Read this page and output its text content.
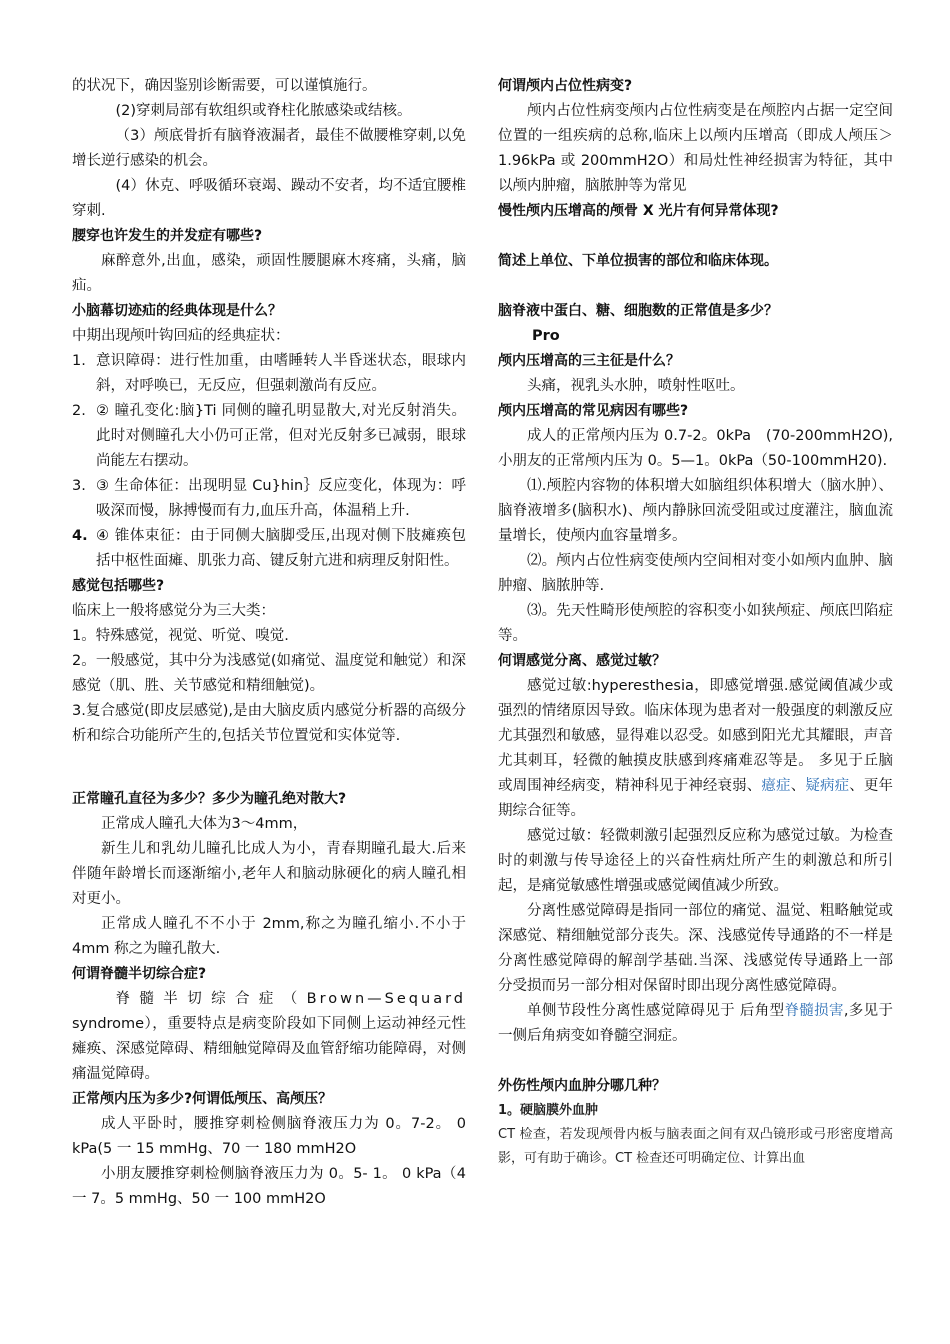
的状况下，确因鉴别诊断需要，可以谨慎施行。

(2)穿刺局部有软组织或脊柱化脓感染或结核。

（3）颅底骨折有脑脊液漏者，最佳不做腰椎穿刺,以免增长逆行感染的机会。

(4）休克、呼吸循环衰竭、躁动不安者，均不适宜腰椎穿刺.

腰穿也许发生的并发症有哪些?

麻醉意外,出血，感染，顽固性腰腿麻木疼痛，头痛，脑疝。

小脑幕切迹疝的经典体现是什么？

中期出现颅叶钩回疝的经典症状：

1. 意识障碍：进行性加重，由嗜睡转人半昏迷状态，眼球内斜，对呼唤已，无反应，但强刺激尚有反应。
2. ② 瞳孔变化:脑}Ti 同侧的瞳孔明显散大,对光反射消失。此时对侧瞳孔大小仍可正常，但对光反射多已减弱，眼球尚能左右摆动。
3. ③ 生命体征：出现明显 Cu}hin｝反应变化，体现为：呼吸深而慢，脉搏慢而有力,血压升高，体温稍上升.
4. ④ 锥体束征：由于同侧大脑脚受压,出现对侧下肢瘫痪包括中枢性面瘫、肌张力高、键反射亢进和病理反射阳性。

感觉包括哪些?

临床上一般将感觉分为三大类：

1。特殊感觉，视觉、听觉、嗅觉.

2。一般感觉，其中分为浅感觉(如痛觉、温度觉和触觉）和深感觉（肌、胜、关节感觉和精细触觉)。

3.复合感觉(即皮层感觉),是由大脑皮质内感觉分析器的高级分析和综合功能所产生的,包括关节位置觉和实体觉等.

正常瞳孔直径为多少？多少为瞳孔绝对散大?

正常成人瞳孔大体为3～4mm，

新生儿和乳幼儿瞳孔比成人为小，青春期瞳孔最大.后来伴随年龄增长而逐渐缩小,老年人和脑动脉硬化的病人瞳孔相对更小。

正常成人瞳孔不不小于 2mm,称之为瞳孔缩小.不小于 4mm 称之为瞳孔散大.

何谓脊髓半切综合症?

脊髓半切综合症（Brown—Sequard

syndrome），重要特点是病变阶段如下同侧上运动神经元性瘫痪、深感觉障碍、精细触觉障碍及血管舒缩功能障碍，对侧痛温觉障碍。

正常颅内压为多少?何谓低颅压、高颅压？

成人平卧时，腰推穿刺检侧脑脊液压力为 0。7-2。 0 kPa(5 一 15 mmHg、70 一 180 mmH2O

小朋友腰推穿刺检侧脑脊液压力为 0。5- 1。 0 kPa（4 一 7。5 mmHg、50 一 100 mmH2O

何谓颅内占位性病变?

颅内占位性病变颅内占位性病变是在颅腔内占据一定空间位置的一组疾病的总称,临床上以颅内压增高（即成人颅压＞1.96kPa 或 200mmH2O）和局灶性神经损害为特征，其中以颅内肿瘤，脑脓肿等为常见

慢性颅内压增高的颅骨 X 光片有何异常体现?

简述上单位、下单位损害的部位和临床体现。

脑脊液中蛋白、糖、细胞数的正常值是多少？

Pro

颅内压增高的三主征是什么？

头痛，视乳头水肿，喷射性呕吐。

颅内压增高的常见病因有哪些?

成人的正常颅内压为 0.7-2。0kPa　(70-200mmH2O),小朋友的正常颅内压为 0。5—1。0kPa（50-100mmH20).

⑴.颅腔内容物的体积增大如脑组织体积增大（脑水肿）、脑脊液增多(脑积水)、颅内静脉回流受阻或过度灌注，脑血流量增长，使颅内血容量增多。

⑵。颅内占位性病变使颅内空间相对变小如颅内血肿、脑肿瘤、脑脓肿等.

⑶。先天性畸形使颅腔的容积变小如狭颅症、颅底凹陷症等。

何谓感觉分离、感觉过敏？

感觉过敏:hyperesthesia，即感觉增强.感觉阈值减少或强烈的情绪原因导致。临床体现为患者对一般强度的刺激反应尤其强烈和敏感，显得难以忍受。如感到阳光尤其耀眼，声音尤其刺耳，轻微的触摸皮肤感到疼痛难忍等是。 多见于丘脑或周围神经病变，精神科见于神经衰弱、癔症、疑病症、更年期综合征等。

感觉过敏：轻微刺激引起强烈反应称为感觉过敏。为检查时的刺激与传导途径上的兴奋性病灶所产生的刺激总和所引起，是痛觉敏感性增强或感觉阈值减少所致。

分离性感觉障碍是指同一部位的痛觉、温觉、粗略触觉或深感觉、精细触觉部分丧失。深、浅感觉传导通路的不一样是分离性感觉障碍的解剖学基础.当深、浅感觉传导通路上一部分受损而另一部分相对保留时即出现分离性感觉障碍。

单侧节段性分离性感觉障碍见于 后角型脊髓损害,多见于一侧后角病变如脊髓空洞症。

外伤性颅内血肿分哪几种？

1。硬脑膜外血肿

CT 检查，若发现颅骨内板与脑表面之间有双凸镜形或弓形密度增高影，可有助于确诊。CT 检查还可明确定位、计算出血
